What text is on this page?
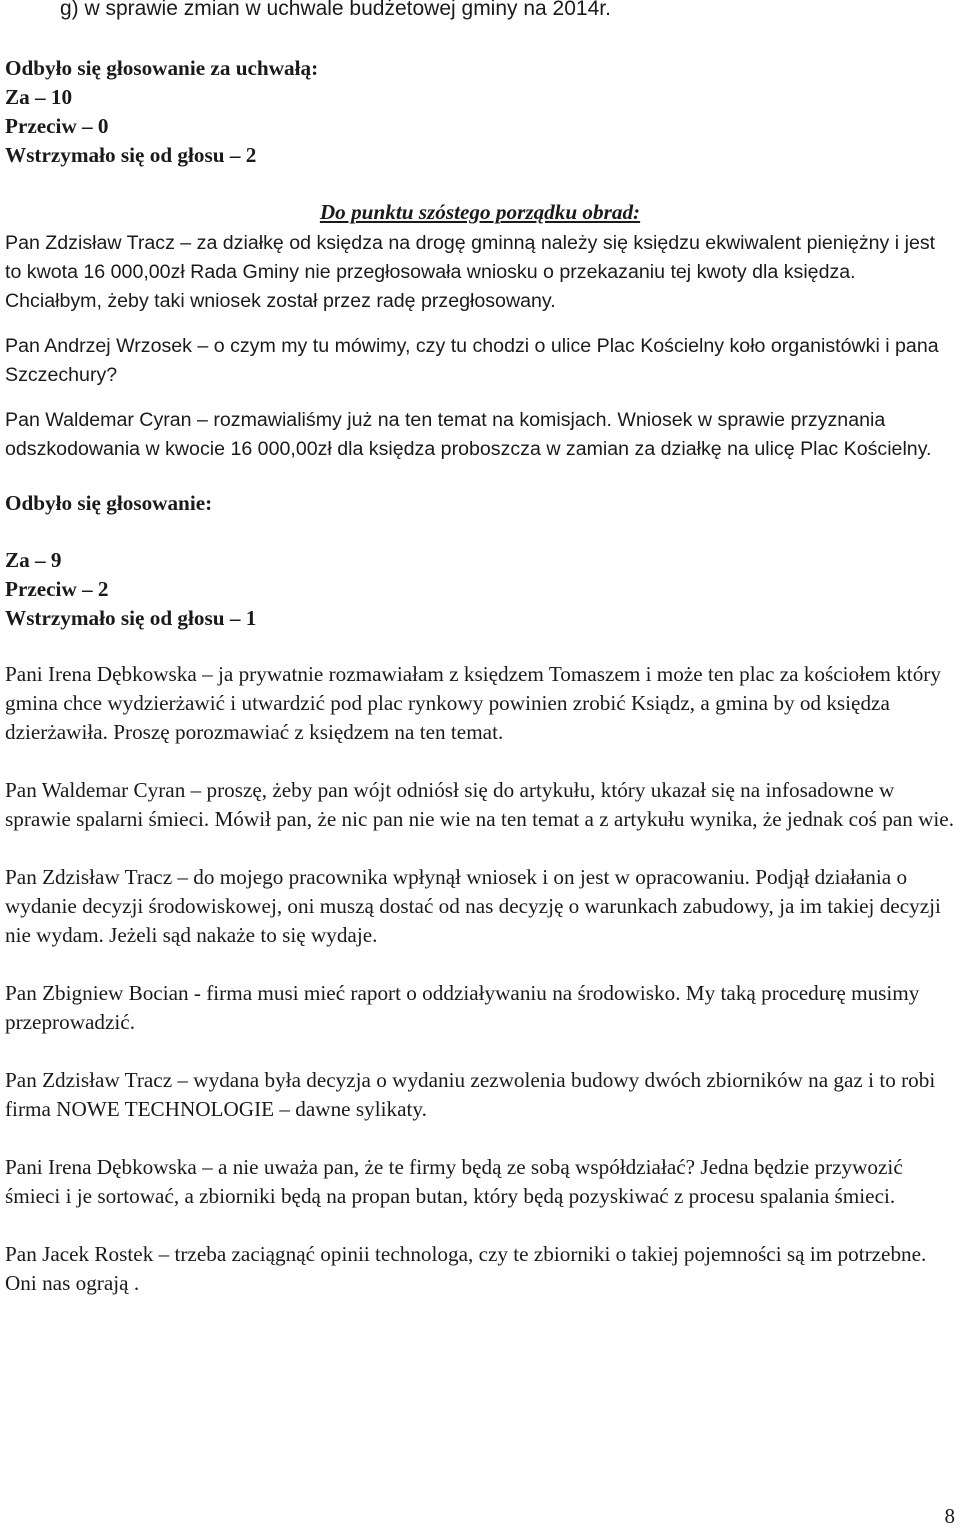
g) w sprawie zmian w uchwale budżetowej gminy na 2014r.
Odbyło się głosowanie za uchwałą:
Za – 10
Przeciw – 0
Wstrzymało się od głosu – 2
Do punktu szóstego porządku obrad:

Pan Zdzisław Tracz – za działkę od księdza na drogę gminną należy się księdzu ekwiwalent pieniężny i jest to kwota 16 000,00zł Rada Gminy nie przegłosowała wniosku o przekazaniu tej kwoty dla księdza. Chciałbym, żeby taki wniosek został przez radę przegłosowany.

Pan Andrzej Wrzosek – o czym my tu mówimy, czy tu chodzi o ulice Plac Kościelny koło organistówki i pana Szczechury?

Pan Waldemar Cyran – rozmawialiśmy już na ten temat na komisjach. Wniosek w sprawie przyznania odszkodowania w kwocie 16 000,00zł dla księdza proboszcza w zamian za działkę na ulicę Plac Kościelny.

Odbyło się głosowanie:
Za – 9
Przeciw – 2
Wstrzymało się od głosu – 1

Pani Irena Dębkowska – ja prywatnie rozmawiałam z księdzem Tomaszem i może ten plac za kościołem który gmina chce wydzierżawić i utwardzić pod plac rynkowy powinien zrobić Ksiądz, a gmina by od księdza dzierżawiła. Proszę porozmawiać z księdzem na ten temat.

Pan Waldemar Cyran – proszę, żeby pan wójt odniósł się do artykułu, który ukazał się na infosadowne w sprawie spalarni śmieci. Mówił pan, że nic pan nie wie na ten temat a z artykułu wynika, że jednak coś pan wie.

Pan Zdzisław Tracz – do mojego pracownika wpłynął wniosek i on jest w opracowaniu. Podjął działania o wydanie decyzji środowiskowej, oni muszą dostać od nas decyzję o warunkach zabudowy, ja im takiej decyzji nie wydam. Jeżeli sąd nakaże to się wydaje.

Pan Zbigniew Bocian - firma musi mieć raport o oddziaływaniu na środowisko. My taką procedurę musimy przeprowadzić.

Pan Zdzisław Tracz – wydana była decyzja o wydaniu zezwolenia budowy dwóch zbiorników na gaz i to robi firma NOWE TECHNOLOGIE – dawne sylikaty.

Pani Irena Dębkowska – a nie uważa pan, że te firmy będą ze sobą współdziałać? Jedna będzie przywozić śmieci i je sortować, a zbiorniki będą na propan butan, który będą pozyskiwać z procesu spalania śmieci.

Pan Jacek Rostek – trzeba zaciągnąć opinii technologa, czy te zbiorniki o takiej pojemności są im potrzebne. Oni nas ograją .

8
